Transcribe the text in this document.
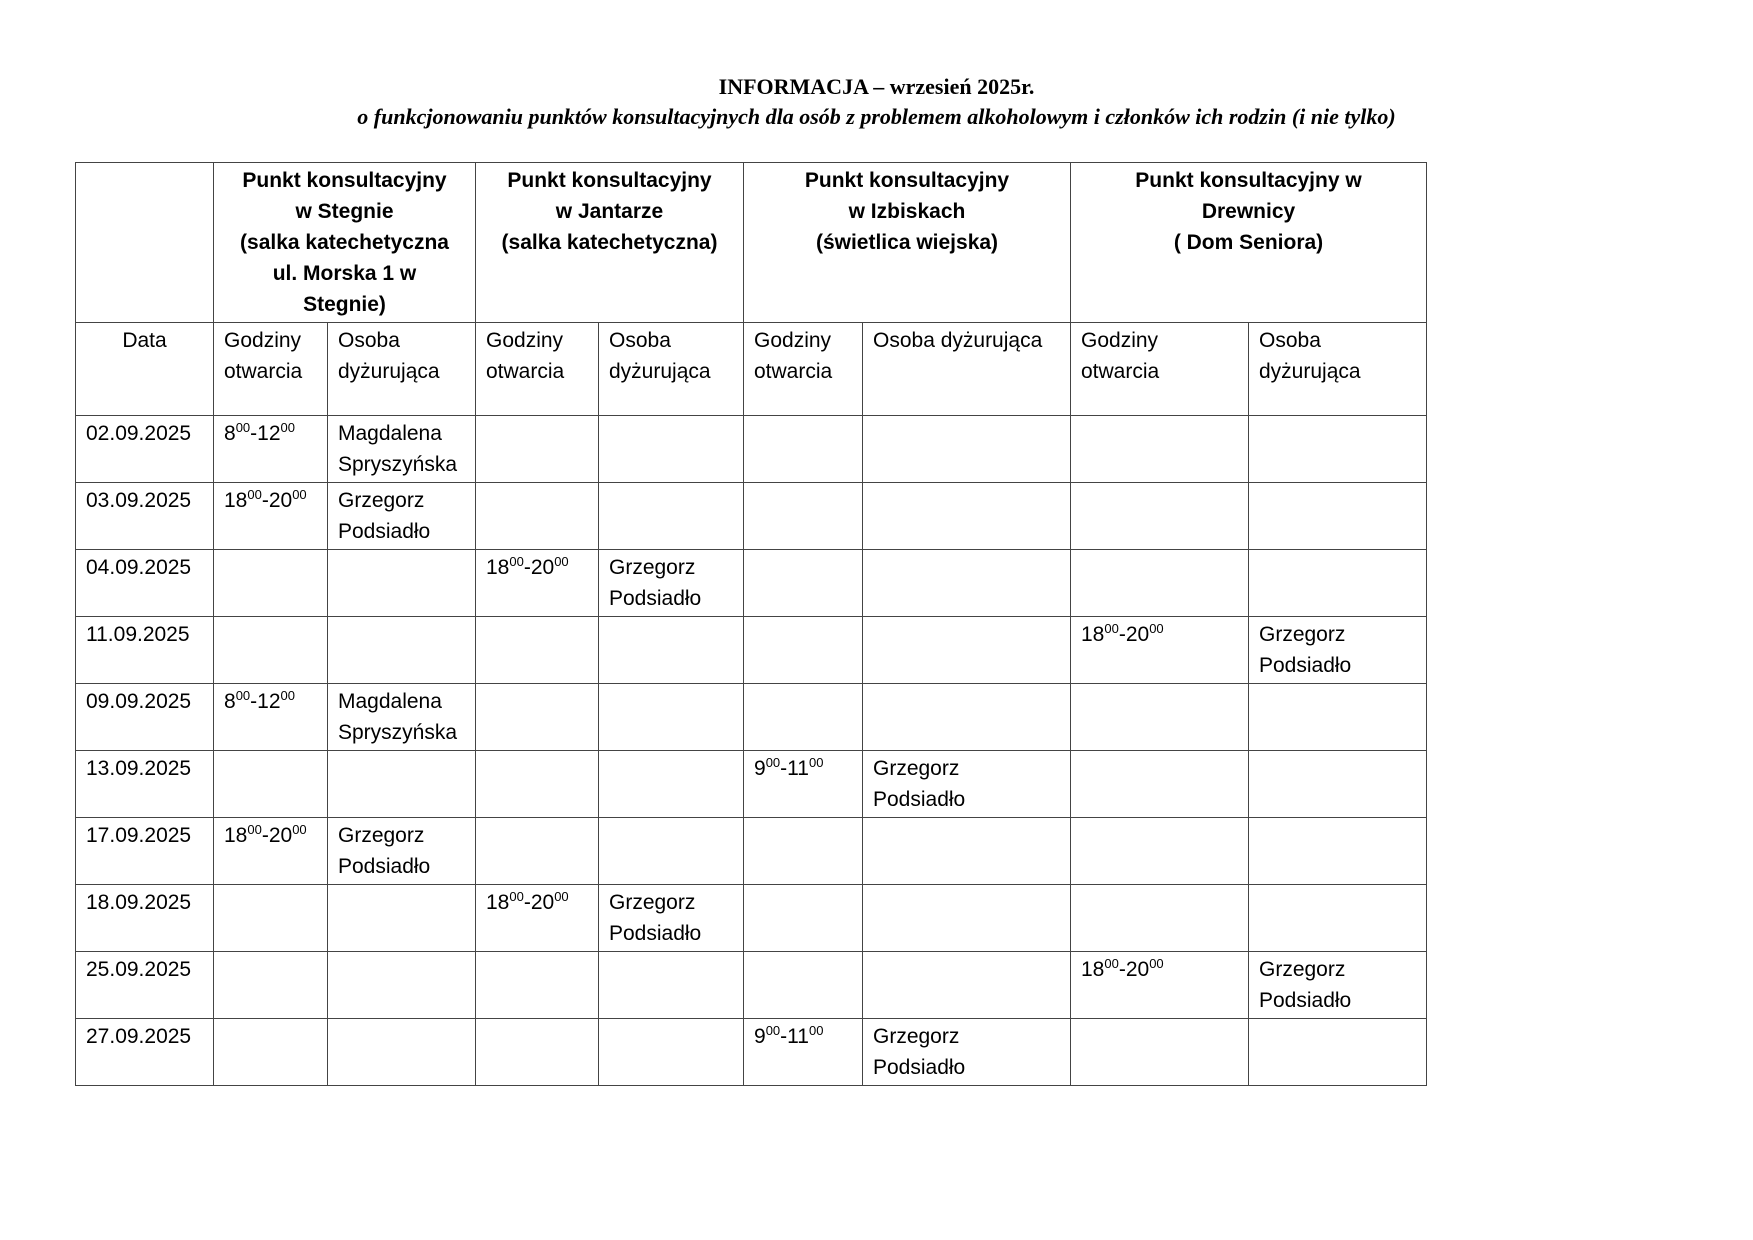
INFORMACJA – wrzesień 2025r.
o funkcjonowaniu punktów konsultacyjnych dla osób z problemem alkoholowym i członków ich rodzin (i nie tylko)

	Punkt konsultacyjny
w Stegnie
(salka katechetyczna
ul. Morska 1 w
Stegnie)		Punkt konsultacyjny
w Jantarze
(salka katechetyczna)		Punkt konsultacyjny
w Izbiskach
(świetlica wiejska)		Punkt konsultacyjny w
Drewnicy
( Dom Seniora)	

Data	Godziny
otwarcia	Osoba
dyżurująca	Godziny
otwarcia	Osoba
dyżurująca	Godziny
otwarcia	Osoba dyżurująca	Godziny
otwarcia	Osoba
dyżurująca
02.09.2025	$8^{00}-12^{00}$	Magdalena
Spryszyńska						

03.09.2025	$18^{00}-20^{00}$	Grzegorz
Podsiadło						

04.09.2025			$18^{00}-20^{00}$	Grzegorz
Podsiadło				

11.09.2025							$18^{00}-20^{00}$	Grzegorz
Podsiadło

09.09.2025	$8^{00}-12^{00}$	Magdalena
Spryszyńska						

13.09.2025					$9^{00}-11^{00}$	Grzegorz
Podsiadło		

17.09.2025	$18^{00}-20^{00}$	Grzegorz
Podsiadło						

18.09.2025			$18^{00}-20^{00}$	Grzegorz
Podsiadło				

25.09.2025							$18^{00}-20^{00}$	Grzegorz
Podsiadło

27.09.2025					$9^{00}-11^{00}$	Grzegorz
Podsiadło		
